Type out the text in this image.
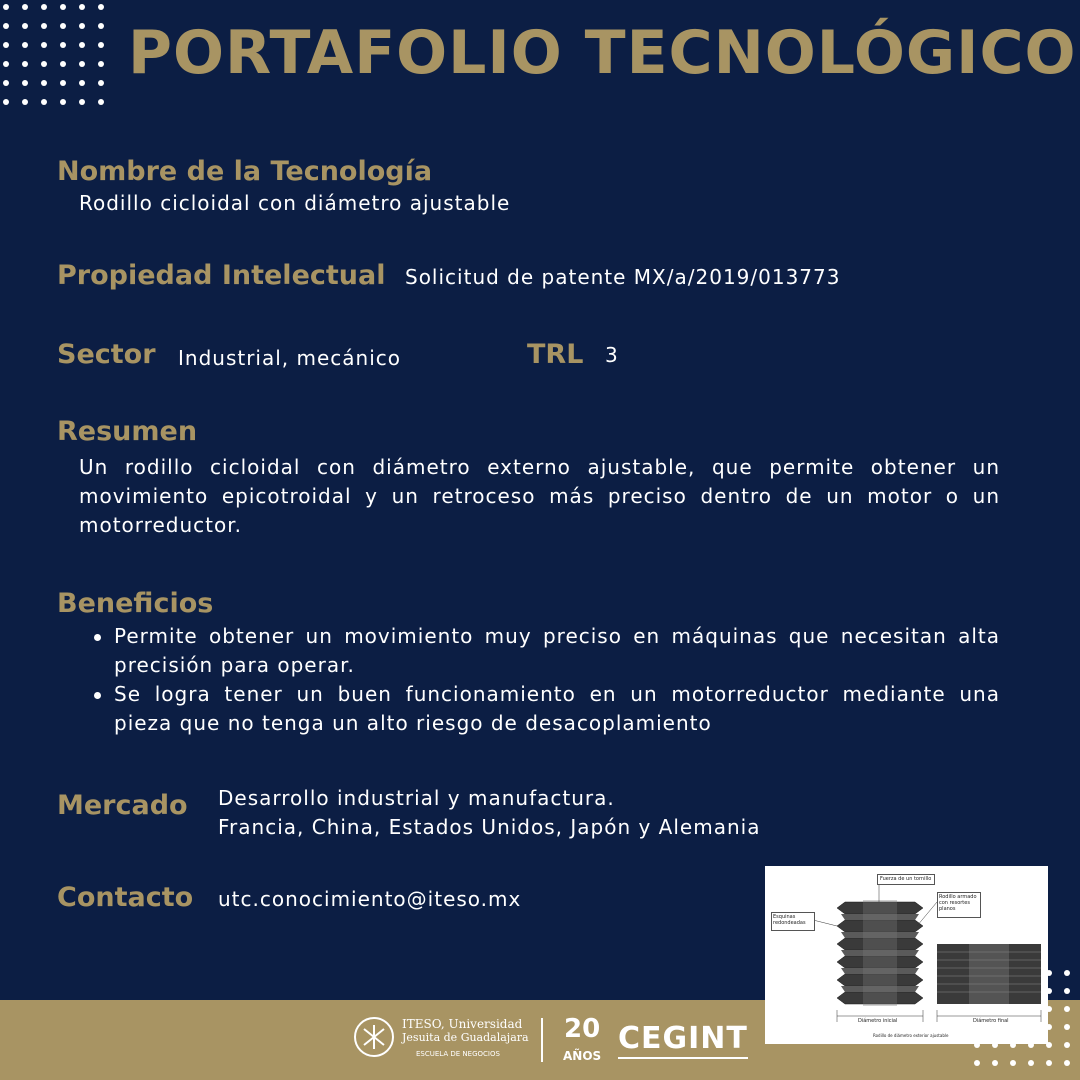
PORTAFOLIO TECNOLÓGICO
Nombre de la Tecnología
Rodillo cicloidal con diámetro ajustable
Propiedad Intelectual Solicitud de patente MX/a/2019/013773
Sector Industrial, mecánico	TRL 3
Resumen
Un rodillo cicloidal con diámetro externo ajustable, que permite obtener un movimiento epicotroidal y un retroceso más preciso dentro de un motor o un motorreductor.
Beneficios
Permite obtener un movimiento muy preciso en máquinas que necesitan alta precisión para operar.
Se logra tener un buen funcionamiento en un motorreductor mediante una pieza que no tenga un alto riesgo de desacoplamiento
Mercado Desarrollo industrial y manufactura.
Francia, China, Estados Unidos, Japón y Alemania
Contacto utc.conocimiento@iteso.mx
ITESO, Universidad
Jesuita de Guadalajara
ESCUELA DE NEGOCIOS
20
AÑOS CEGINT
Fuerza de un tornillo
Esquinas redondeadas
Rodillo armado con resortes planos
Diámetro inicial	Diámetro final
Rodillo de diámetro exterior ajustable
